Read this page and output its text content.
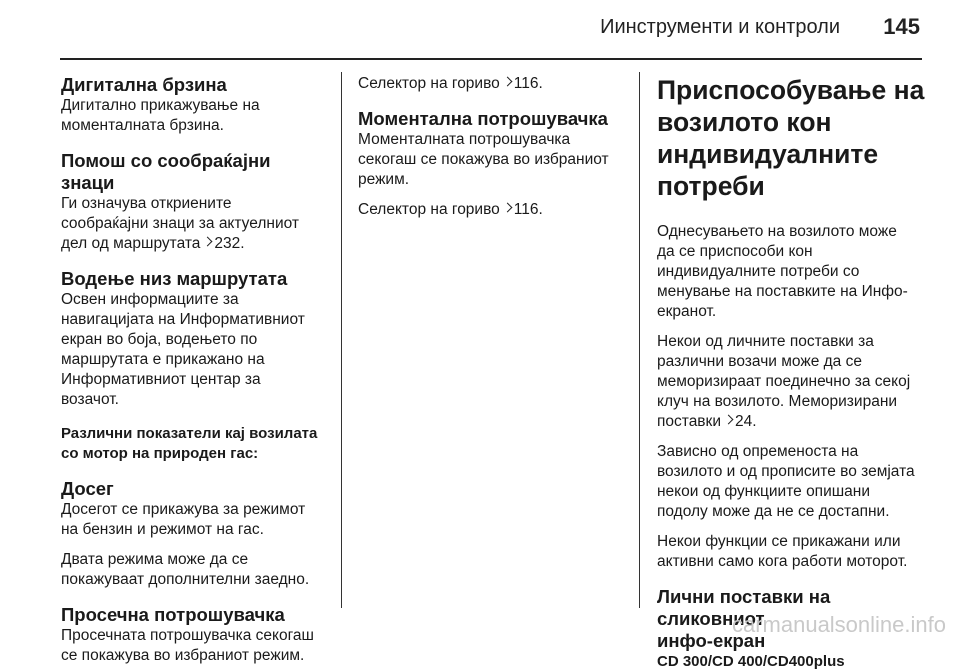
Иинструменти и контроли	145
Дигитална брзина

Дигитално прикажување на

моменталната брзина.

Помош со сообраќајни знаци

Ги означува откриените

сообраќајни знаци за актуелниот

дел од маршрутата 232.

Водење низ маршрутата

Освен информациите за

навигацијата на Информативниот

екран во боја, водењето по

маршрутата е прикажано на

Информативниот центар за

возачот.

Различни показатели кај возилата
со мотор на природен гас:
Досег

Досегот се прикажува за режимот

на бензин и режимот на гас.

Двата режима може да се

покажуваат дополнителни заедно.

Просечна потрошувачка

Просечната потрошувачка секогаш

се покажува во избраниот режим.

Селектор на гориво 116.

Моментална потрошувачка

Моменталната потрошувачка

секогаш се покажува во избраниот

режим.

Селектор на гориво 116.

Приспособување на
возилото кон
индивидуалните
потреби

Однесувањето на возилото може

да се приспособи кон

индивидуалните потреби со

менување на поставките на Инфо-

екранот.

Некои од личните поставки за

различни возачи може да се

меморизираат поединечно за секој

клуч на возилото. Меморизирани

поставки 24.

Зависно од опременоста на

возилото и од прописите во земјата

некои од функциите опишани

подолу може да не се достапни.

Некои функции се прикажани или

активни само кога работи моторот.

Лични поставки на сликовниот
инфо-екран

CD 300/CD 400/CD400plus

carmanualsonline.info
